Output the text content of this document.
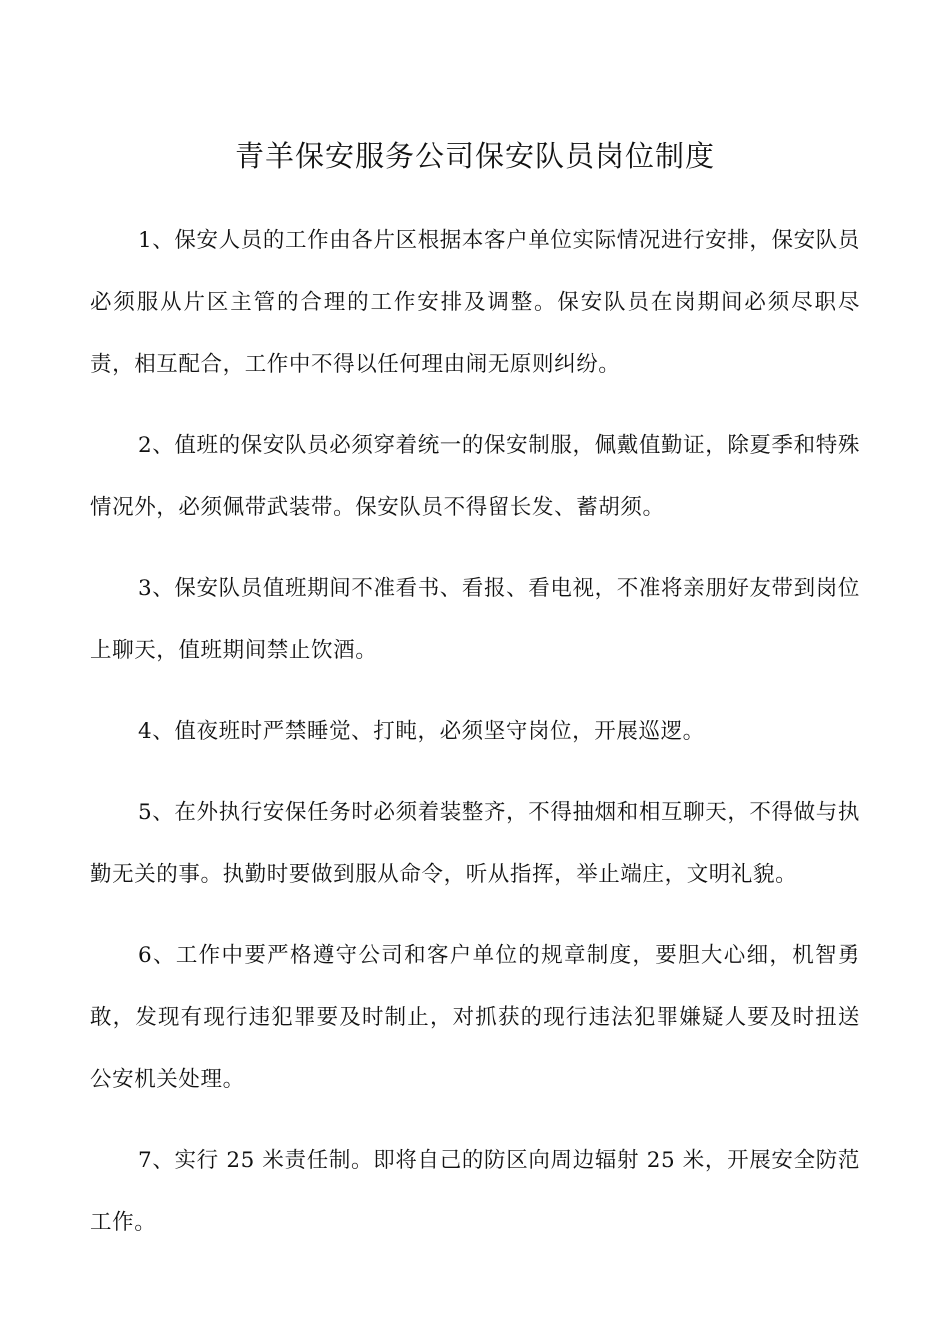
青羊保安服务公司保安队员岗位制度

1、保安人员的工作由各片区根据本客户单位实际情况进行安排，保安队员必须服从片区主管的合理的工作安排及调整。保安队员在岗期间必须尽职尽责，相互配合，工作中不得以任何理由闹无原则纠纷。

2、值班的保安队员必须穿着统一的保安制服，佩戴值勤证，除夏季和特殊情况外，必须佩带武装带。保安队员不得留长发、蓄胡须。

3、保安队员值班期间不准看书、看报、看电视，不准将亲朋好友带到岗位上聊天，值班期间禁止饮酒。

4、值夜班时严禁睡觉、打盹，必须坚守岗位，开展巡逻。

5、在外执行安保任务时必须着装整齐，不得抽烟和相互聊天，不得做与执勤无关的事。执勤时要做到服从命令，听从指挥，举止端庄，文明礼貌。

6、工作中要严格遵守公司和客户单位的规章制度，要胆大心细，机智勇敢，发现有现行违犯罪要及时制止，对抓获的现行违法犯罪嫌疑人要及时扭送公安机关处理。

7、实行 25 米责任制。即将自己的防区向周边辐射 25 米，开展安全防范工作。
